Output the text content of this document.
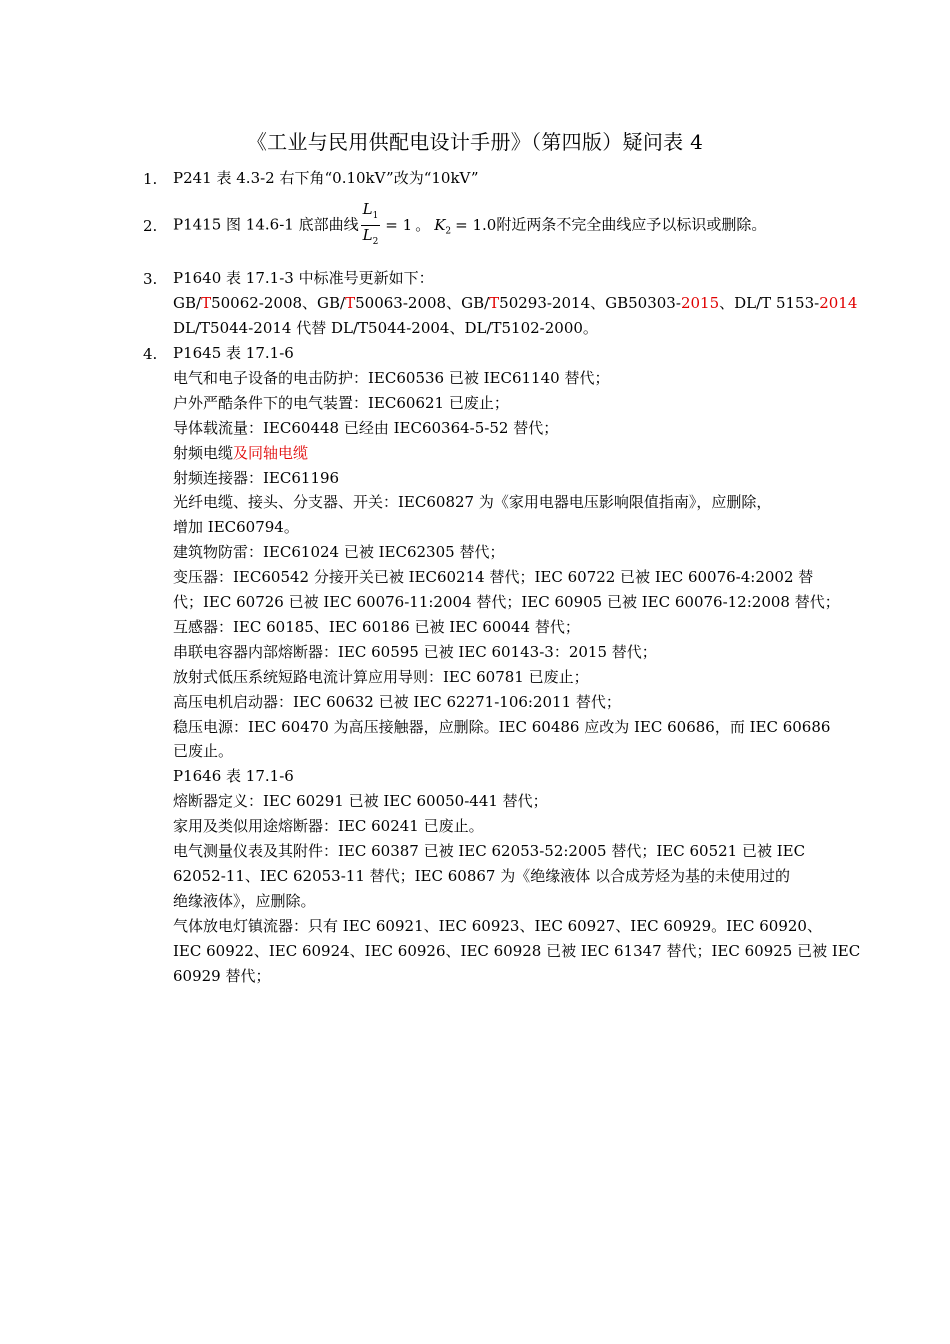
《工业与民用供配电设计手册》（第四版）疑问表 4
1. P241 表 4.3-2 右下角“0.10kV”改为“10kV”
2. P1415 图 14.6-1 底部曲线 $\frac{L_1}{L_2} = 1$ 。 $K_2 = 1.0$附近两条不完全曲线应予以标识或删除。
3. P1640 表 17.1-3 中标准号更新如下：
GB/T50062-2008、GB/T50063-2008、GB/T50293-2014、GB50303-2015、DL/T 5153-2014
DL/T5044-2014 代替 DL/T5044-2004、DL/T5102-2000。
4. P1645 表 17.1-6
电气和电子设备的电击防护：IEC60536 已被 IEC61140 替代；
户外严酷条件下的电气装置：IEC60621 已废止；
导体载流量：IEC60448 已经由 IEC60364-5-52 替代；
射频电缆及同轴电缆
射频连接器：IEC61196
光纤电缆、接头、分支器、开关：IEC60827 为《家用电器电压影响限值指南》，应删除，
增加 IEC60794。
建筑物防雷：IEC61024 已被 IEC62305 替代；
变压器：IEC60542 分接开关已被 IEC60214 替代；IEC 60722 已被 IEC 60076-4:2002 替
代；IEC 60726 已被 IEC 60076-11:2004 替代；IEC 60905 已被 IEC 60076-12:2008 替代；
互感器：IEC 60185、IEC 60186 已被 IEC 60044 替代；
串联电容器内部熔断器：IEC 60595 已被 IEC 60143-3：2015 替代；
放射式低压系统短路电流计算应用导则：IEC 60781 已废止；
高压电机启动器：IEC 60632 已被 IEC 62271-106:2011 替代；
稳压电源：IEC 60470 为高压接触器，应删除。IEC 60486 应改为 IEC 60686，而 IEC 60686
已废止。
P1646 表 17.1-6
熔断器定义：IEC 60291 已被 IEC 60050-441 替代；
家用及类似用途熔断器：IEC 60241 已废止。
电气测量仪表及其附件：IEC 60387 已被 IEC 62053-52:2005 替代；IEC 60521 已被 IEC
62052-11、IEC 62053-11 替代；IEC 60867 为《绝缘液体 以合成芳烃为基的未使用过的
绝缘液体》，应删除。
气体放电灯镇流器：只有 IEC 60921、IEC 60923、IEC 60927、IEC 60929。IEC 60920、
IEC 60922、IEC 60924、IEC 60926、IEC 60928 已被 IEC 61347 替代；IEC 60925 已被 IEC
60929 替代；
